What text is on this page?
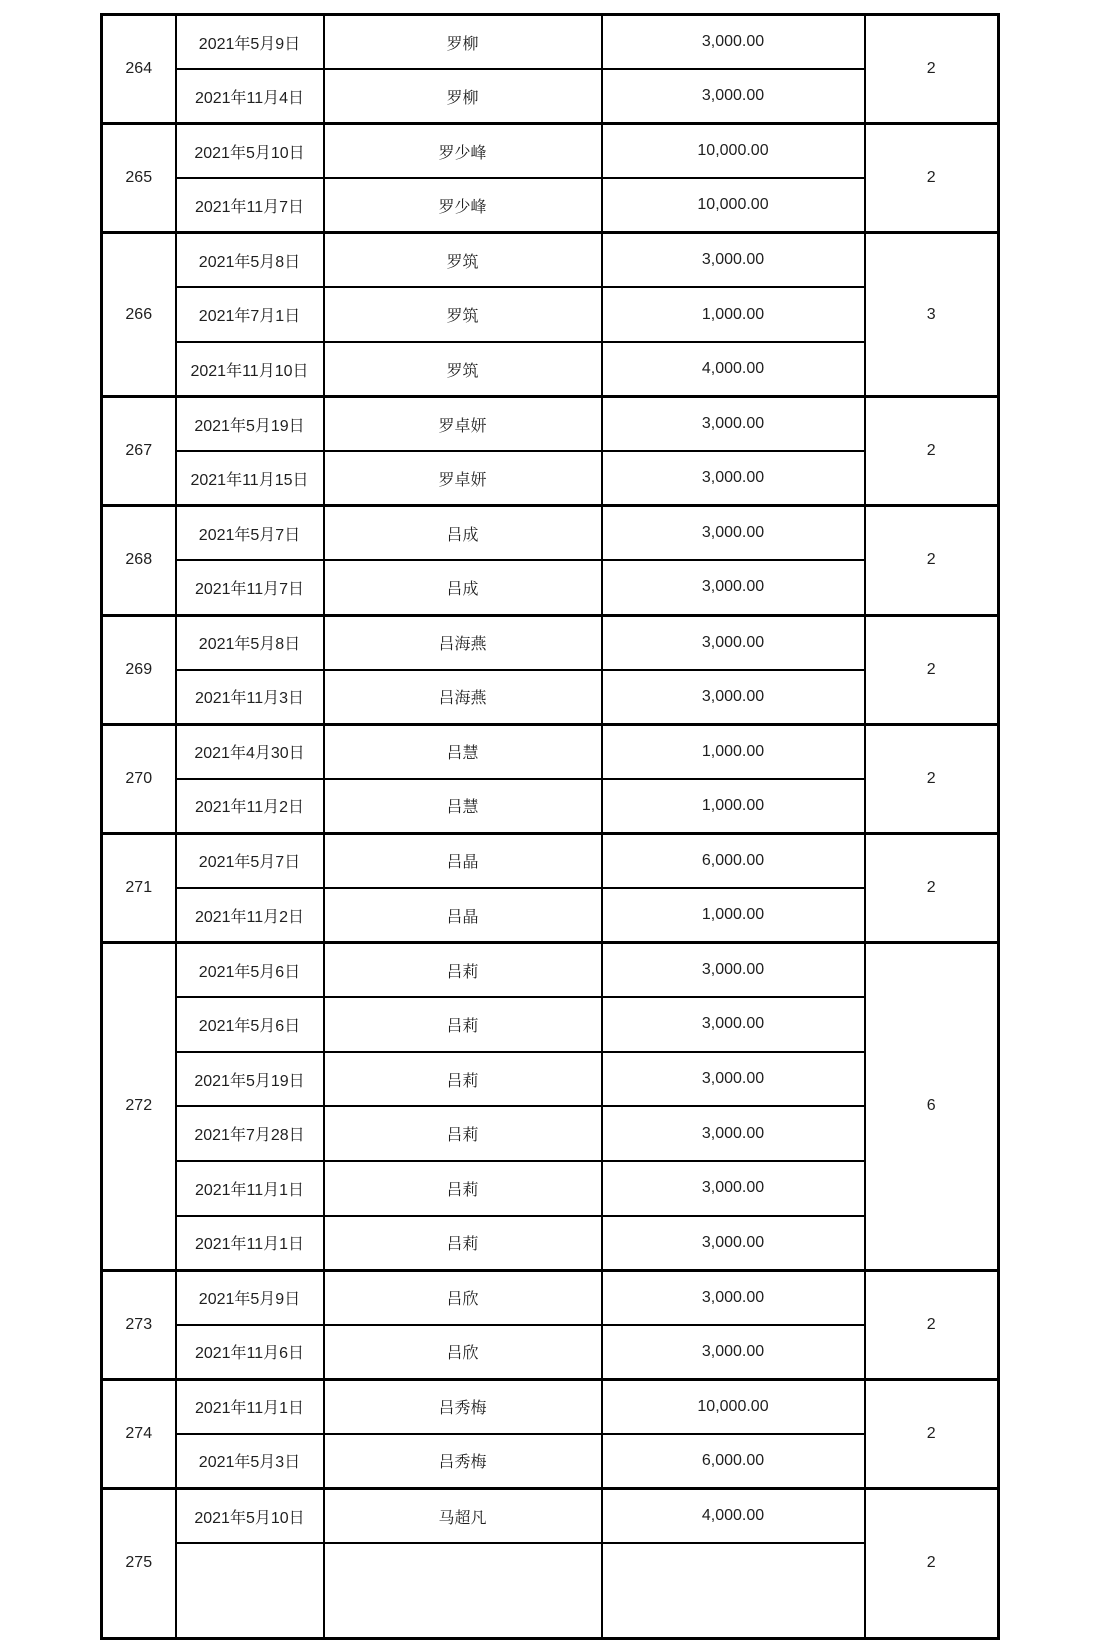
264	2021年5月9日	罗柳	3,000.00	2
	2021年11月4日	罗柳	3,000.00	
265	2021年5月10日	罗少峰	10,000.00	2
	2021年11月7日	罗少峰	10,000.00	
266	2021年5月8日	罗筑	3,000.00	3
	2021年7月1日	罗筑	1,000.00	
	2021年11月10日	罗筑	4,000.00	
267	2021年5月19日	罗卓妍	3,000.00	2
	2021年11月15日	罗卓妍	3,000.00	
268	2021年5月7日	吕成	3,000.00	2
	2021年11月7日	吕成	3,000.00	
269	2021年5月8日	吕海燕	3,000.00	2
	2021年11月3日	吕海燕	3,000.00	
270	2021年4月30日	吕慧	1,000.00	2
	2021年11月2日	吕慧	1,000.00	
271	2021年5月7日	吕晶	6,000.00	2
	2021年11月2日	吕晶	1,000.00	
272	2021年5月6日	吕莉	3,000.00	6
	2021年5月6日	吕莉	3,000.00	
	2021年5月19日	吕莉	3,000.00	
	2021年7月28日	吕莉	3,000.00	
	2021年11月1日	吕莉	3,000.00	
	2021年11月1日	吕莉	3,000.00	
273	2021年5月9日	吕欣	3,000.00	2
	2021年11月6日	吕欣	3,000.00	
274	2021年11月1日	吕秀梅	10,000.00	2
	2021年5月3日	吕秀梅	6,000.00	
275	2021年5月10日	马超凡	4,000.00	2
